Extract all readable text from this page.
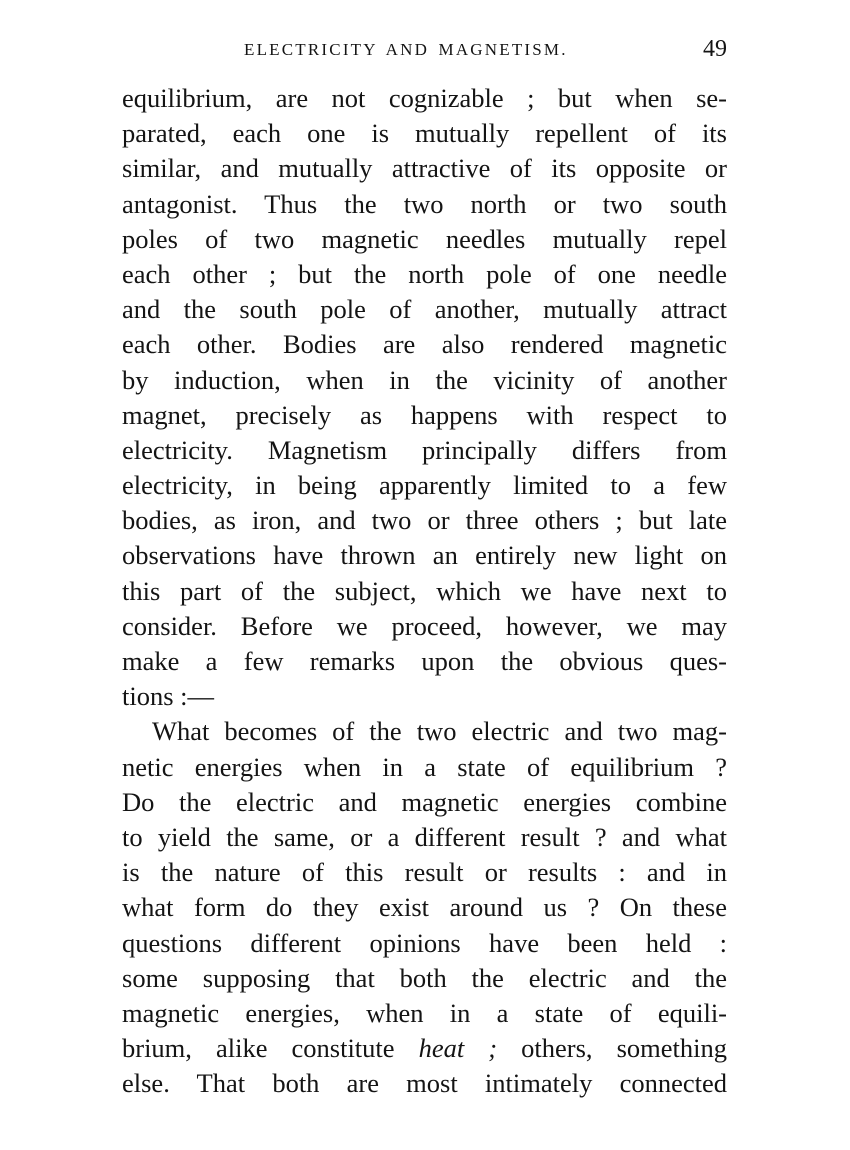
ELECTRICITY AND MAGNETISM.	49
equilibrium, are not cognizable ; but when se-
parated, each one is mutually repellent of its
similar, and mutually attractive of its opposite or
antagonist. Thus the two north or two south
poles of two magnetic needles mutually repel
each other ; but the north pole of one needle
and the south pole of another, mutually attract
each other. Bodies are also rendered magnetic
by induction, when in the vicinity of another
magnet, precisely as happens with respect to
electricity. Magnetism principally differs from
electricity, in being apparently limited to a few
bodies, as iron, and two or three others ; but late
observations have thrown an entirely new light on
this part of the subject, which we have next to
consider. Before we proceed, however, we may
make a few remarks upon the obvious ques-
tions :—
What becomes of the two electric and two mag-
netic energies when in a state of equilibrium ?
Do the electric and magnetic energies combine
to yield the same, or a different result ? and what
is the nature of this result or results : and in
what form do they exist around us ? On these
questions different opinions have been held :
some supposing that both the electric and the
magnetic energies, when in a state of equili-
brium, alike constitute heat ; others, something
else. That both are most intimately connected
